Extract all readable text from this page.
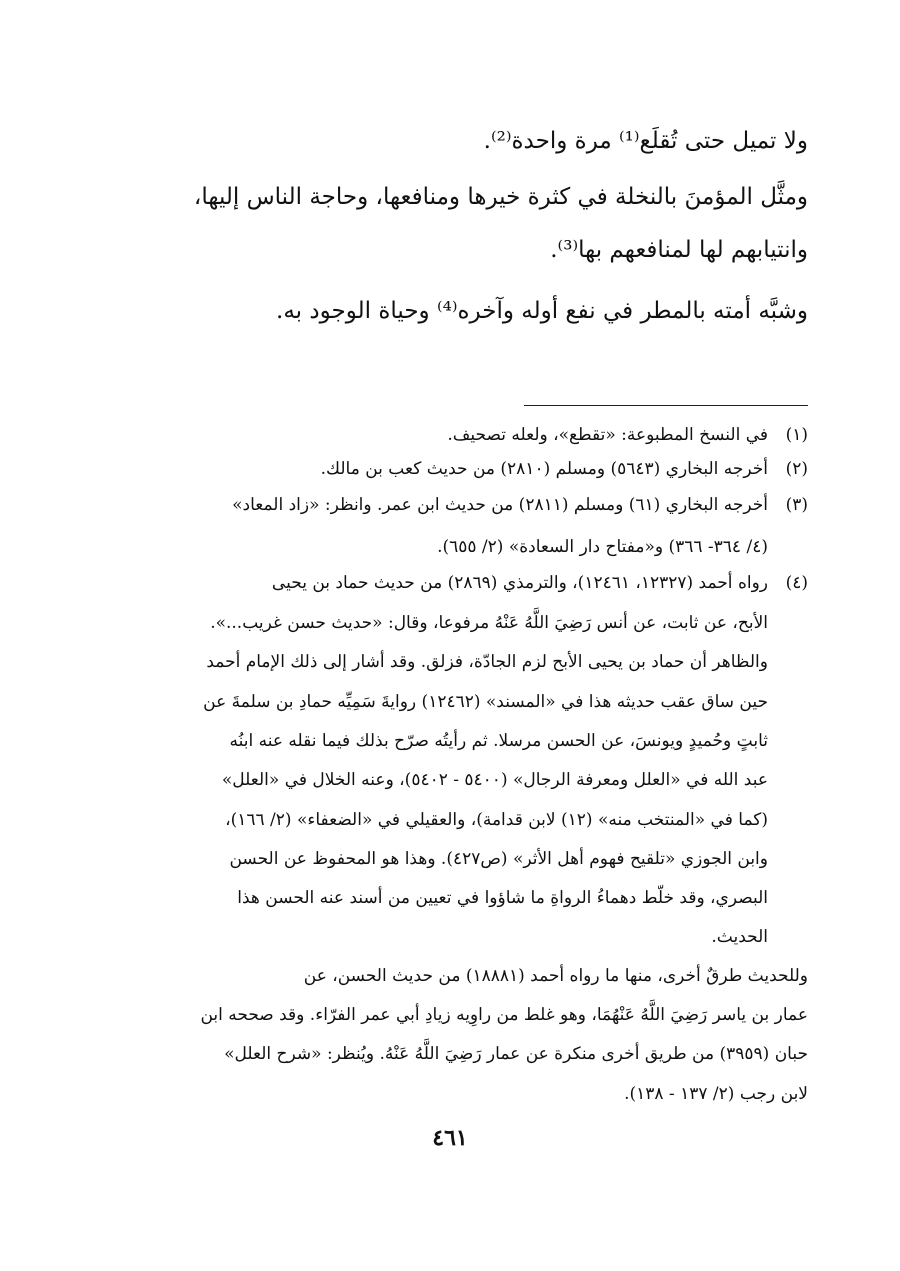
ولا تميل حتى تُقلَع⁽¹⁾ مرة واحدة⁽²⁾.
ومثَّل المؤمنَ بالنخلة في كثرة خيرها ومنافعها، وحاجة الناس إليها،
وانتيابهم لها لمنافعهم بها⁽³⁾.
وشبَّه أمته بالمطر في نفع أوله وآخره⁽⁴⁾ وحياة الوجود به.
(١)
(٢)
(٣)
(٤)
في النسخ المطبوعة: «تقطع»، ولعله تصحيف.
أخرجه البخاري (٥٦٤٣) ومسلم (٢٨١٠) من حديث كعب بن مالك.
أخرجه البخاري (٦١) ومسلم (٢٨١١) من حديث ابن عمر. وانظر: «زاد المعاد»
(٤/ ٣٦٤- ٣٦٦) و«مفتاح دار السعادة» (٢/ ٦٥٥).
رواه أحمد (١٢٣٢٧، ١٢٤٦١)، والترمذي (٢٨٦٩) من حديث حماد بن يحيى
الأبح، عن ثابت، عن أنس رَضِيَ اللَّهُ عَنْهُ مرفوعا، وقال: «حديث حسن غريب...».
والظاهر أن حماد بن يحيى الأبح لزم الجادّة، فزلق. وقد أشار إلى ذلك الإمام أحمد
حين ساق عقب حديثه هذا في «المسند» (١٢٤٦٢) روايةَ سَمِيِّه حمادِ بن سلمةَ عن
ثابتٍ وحُميدٍ ويونسَ، عن الحسن مرسلا. ثم رأيتُه صرّح بذلك فيما نقله عنه ابنُه
عبد الله في «العلل ومعرفة الرجال» (٥٤٠٠ - ٥٤٠٢)، وعنه الخلال في «العلل»
(كما في «المنتخب منه» (١٢) لابن قدامة)، والعقيلي في «الضعفاء» (٢/ ١٦٦)،
وابن الجوزي «تلقيح فهوم أهل الأثر» (ص٤٢٧). وهذا هو المحفوظ عن الحسن
البصري، وقد خلّط دهماءُ الرواةِ ما شاؤوا في تعيين من أسند عنه الحسن هذا
الحديث.
وللحديث طرقٌ أخرى، منها ما رواه أحمد (١٨٨٨١) من حديث الحسن، عن
عمار بن ياسر رَضِيَ اللَّهُ عَنْهُمَا، وهو غلط من راوِيه زيادِ أبي عمر الفرّاء. وقد صححه ابن
حبان (٣٩٥٩) من طريق أخرى منكرة عن عمار رَضِيَ اللَّهُ عَنْهُ. ويُنظر: «شرح العلل»
لابن رجب (٢/ ١٣٧ - ١٣٨).
٤٦١
